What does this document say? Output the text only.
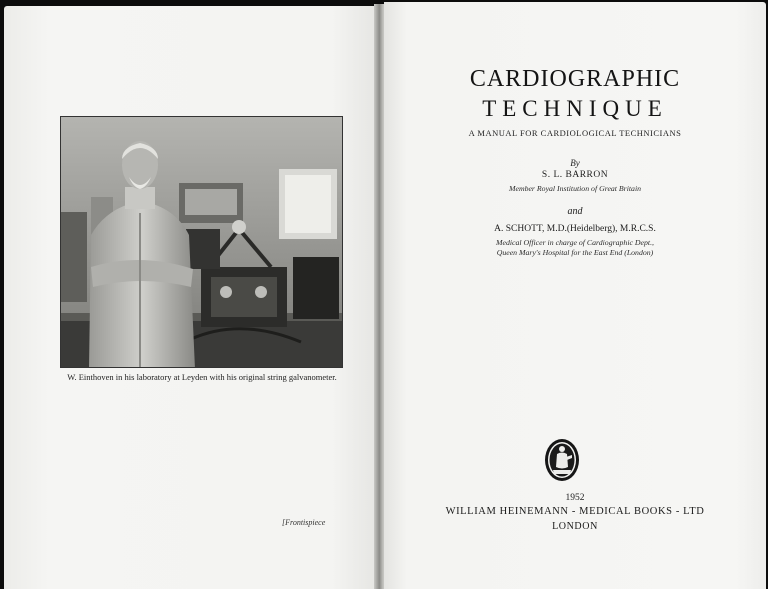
W. Einthoven in his laboratory at Leyden with his original string galvanometer.
[Frontispiece
CARDIOGRAPHIC
TECHNIQUE
A MANUAL FOR CARDIOLOGICAL TECHNICIANS
By
S. L. BARRON
Member Royal Institution of Great Britain
and
A. SCHOTT, M.D.(Heidelberg), M.R.C.S.
Medical Officer in charge of Cardiographic Dept.,
Queen Mary's Hospital for the East End (London)
1952
WILLIAM HEINEMANN - MEDICAL BOOKS - LTD
LONDON
